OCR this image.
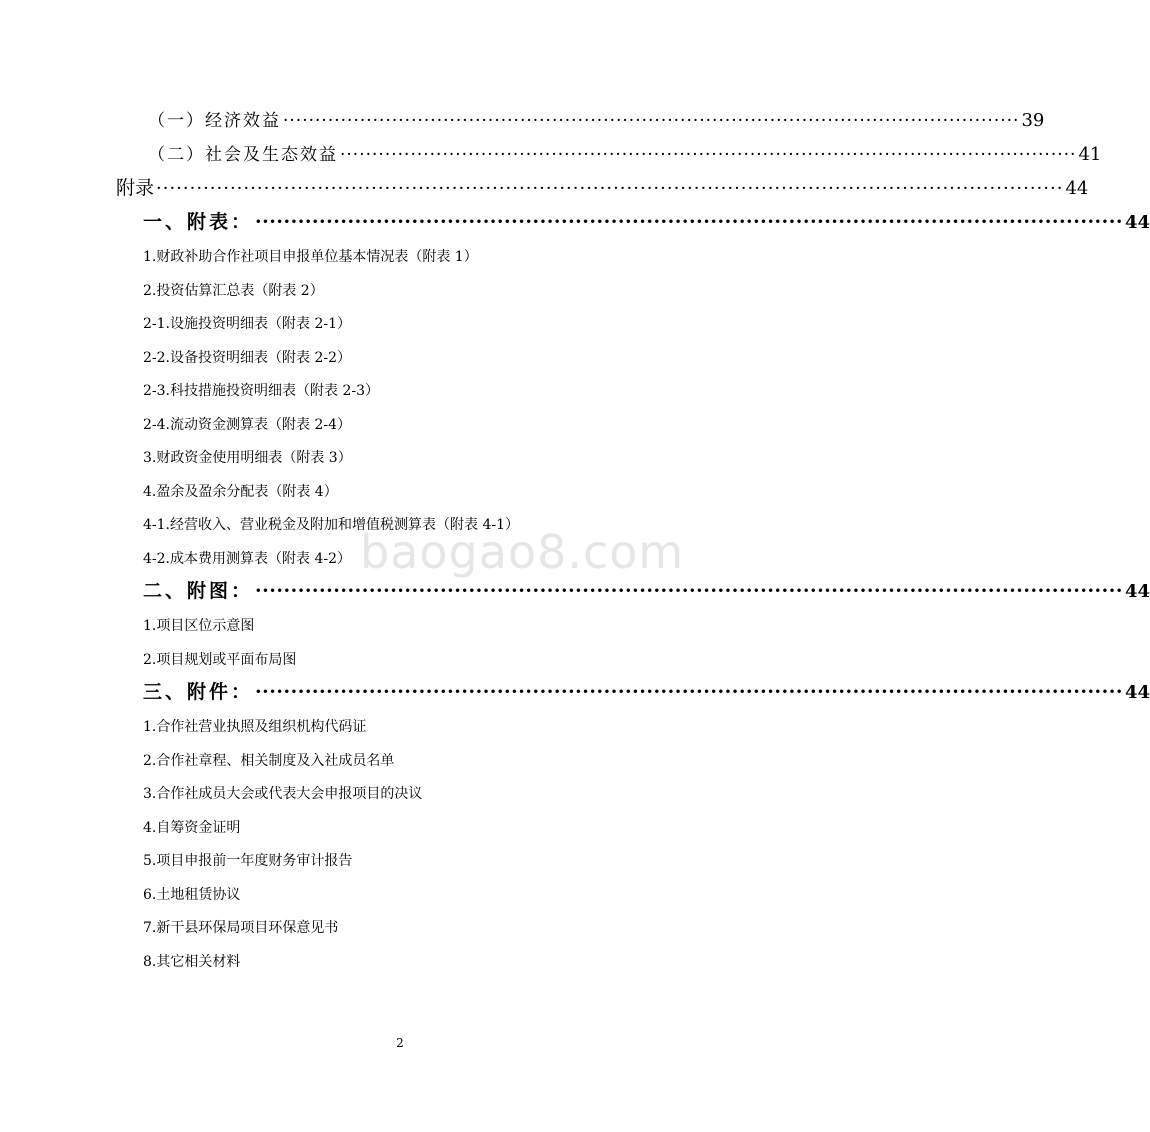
baogao8.com
（一）经济效益 ··················································································································· 39
（二）社会及生态效益 ··················································································································· 41
附录 ······································································································································· 44
一、附表： ·························································································································· 44
1.财政补助合作社项目申报单位基本情况表（附表 1）
2.投资估算汇总表（附表 2）
2-1.设施投资明细表（附表 2-1）
2-2.设备投资明细表（附表 2-2）
2-3.科技措施投资明细表（附表 2-3）
2-4.流动资金测算表（附表 2-4）
3.财政资金使用明细表（附表 3）
4.盈余及盈余分配表（附表 4）
4-1.经营收入、营业税金及附加和增值税测算表（附表 4-1）
4-2.成本费用测算表（附表 4-2）
二、附图： ·························································································································· 44
1.项目区位示意图
2.项目规划或平面布局图
三、附件： ·························································································································· 44
1.合作社营业执照及组织机构代码证
2.合作社章程、相关制度及入社成员名单
3.合作社成员大会或代表大会申报项目的决议
4.自筹资金证明
5.项目申报前一年度财务审计报告
6.土地租赁协议
7.新干县环保局项目环保意见书
8.其它相关材料
2
